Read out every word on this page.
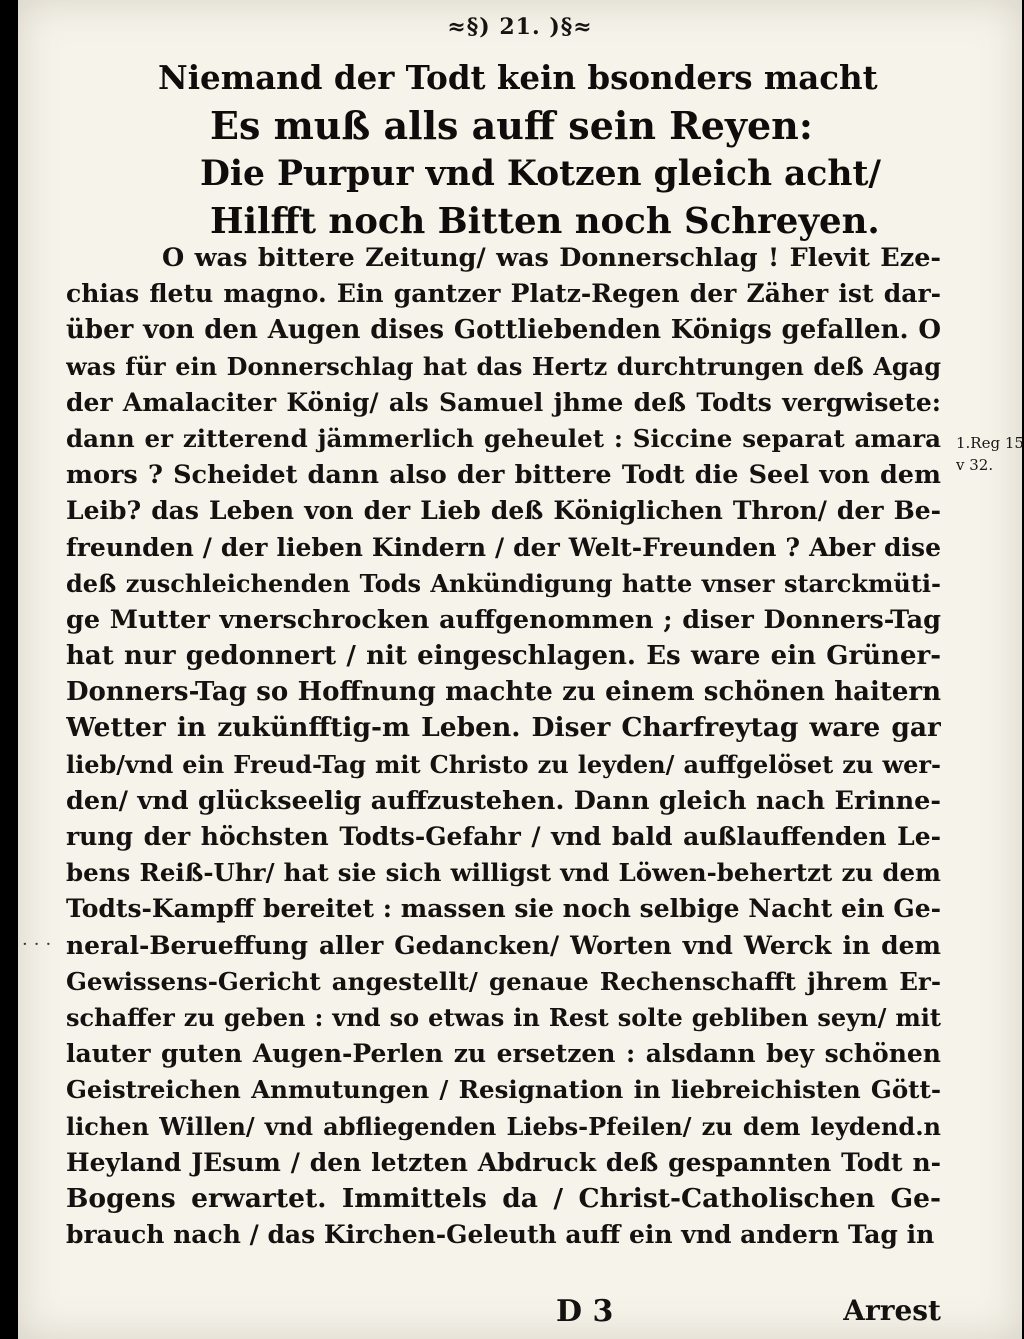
≈§) 21. )§≈
Niemand der Todt kein bsonders macht
Es muß alls auff sein Reyen:
Die Purpur vnd Kotzen gleich acht/
Hilfft noch Bitten noch Schreyen.
O was bittere Zeitung/ was Donnerschlag ! Flevit Eze-
chias fletu magno. Ein gantzer Platz-Regen der Zäher ist dar-
über von den Augen dises Gottliebenden Königs gefallen. O
was für ein Donnerschlag hat das Hertz durchtrungen deß Agag
der Amalaciter König/ als Samuel jhme deß Todts vergwisete:
dann er zitterend jämmerlich geheulet : Siccine separat amara
mors ? Scheidet dann also der bittere Todt die Seel von dem
Leib? das Leben von der Lieb deß Königlichen Thron/ der Be-
freunden / der lieben Kindern / der Welt-Freunden ? Aber dise
deß zuschleichenden Tods Ankündigung hatte vnser starckmüti-
ge Mutter vnerschrocken auffgenommen ; diser Donners-Tag
hat nur gedonnert / nit eingeschlagen. Es ware ein Grüner-
Donners-Tag so Hoffnung machte zu einem schönen haitern
Wetter in zukünfftig-m Leben. Diser Charfreytag ware gar
lieb/vnd ein Freud-Tag mit Christo zu leyden/ auffgelöset zu wer-
den/ vnd glückseelig auffzustehen. Dann gleich nach Erinne-
rung der höchsten Todts-Gefahr / vnd bald außlauffenden Le-
bens Reiß-Uhr/ hat sie sich willigst vnd Löwen-behertzt zu dem
Todts-Kampff bereitet : massen sie noch selbige Nacht ein Ge-
neral-Berueffung aller Gedancken/ Worten vnd Werck in dem
Gewissens-Gericht angestellt/ genaue Rechenschafft jhrem Er-
schaffer zu geben : vnd so etwas in Rest solte gebliben seyn/ mit
lauter guten Augen-Perlen zu ersetzen : alsdann bey schönen
Geistreichen Anmutungen / Resignation in liebreichisten Gött-
lichen Willen/ vnd abfliegenden Liebs-Pfeilen/ zu dem leydend.n
Heyland JEsum / den letzten Abdruck deß gespannten Todt n-
Bogens erwartet. Immittels da / Christ-Catholischen Ge-
brauch nach / das Kirchen-Geleuth auff ein vnd andern Tag in
1.Reg 15
v 32.
···
D 3	Arrest
